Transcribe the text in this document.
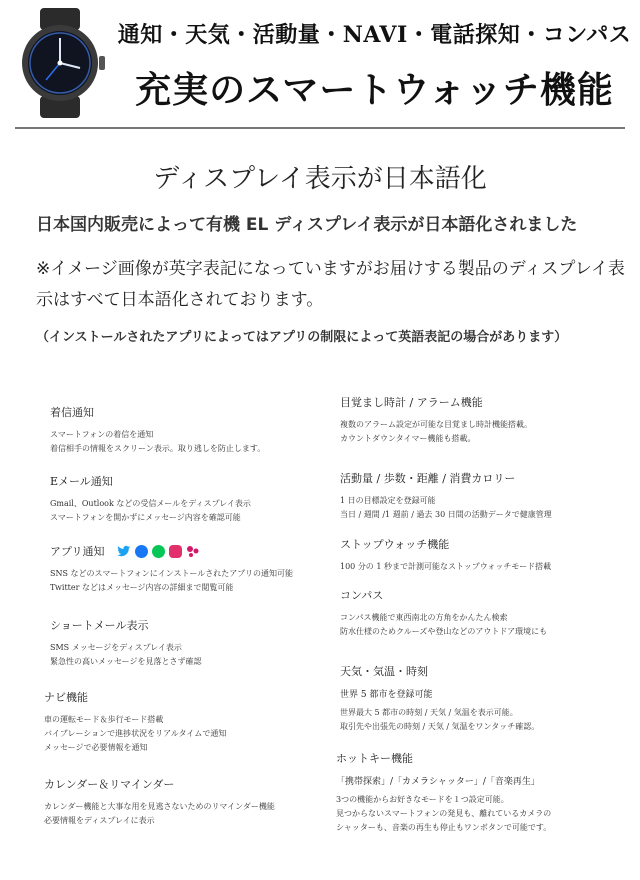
通知・天気・活動量・NAVI・電話探知・コンパス
充実のスマートウォッチ機能
ディスプレイ表示が日本語化
日本国内販売によって有機 EL ディスプレイ表示が日本語化されました
※イメージ画像が英字表記になっていますがお届けする製品のディスプレイ表示はすべて日本語化されております。
（インストールされたアプリによってはアプリの制限によって英語表記の場合があります）
着信通知
スマートフォンの着信を通知
着信相手の情報をスクリーン表示。取り逃しを防止します。
Eメール通知
Gmail、Outlook などの受信メールをディスプレイ表示
スマートフォンを開かずにメッセージ内容を確認可能
アプリ通知
SNS などのスマートフォンにインストールされたアプリの通知可能
Twitter などはメッセージ内容の詳細まで閲覧可能
ショートメール表示
SMS メッセージをディスプレイ表示
緊急性の高いメッセージを見落とさず確認
ナビ機能
車の運転モード＆歩行モード搭載
バイブレーションで進捗状況をリアルタイムで通知
メッセージで必要情報を通知
カレンダー＆リマインダー
カレンダー機能と大事な用を見逃さないためのリマインダー機能
必要情報をディスプレイに表示
目覚まし時計 / アラーム機能
複数のアラーム設定が可能な目覚まし時計機能搭載。
カウントダウンタイマー機能も搭載。
活動量 / 歩数・距離 / 消費カロリー
1 日の目標設定を登録可能
当日 / 週間 /1 週前 / 過去 30 日間の活動データで健康管理
ストップウォッチ機能
100 分の 1 秒まで計測可能なストップウォッチモード搭載
コンパス
コンパス機能で東西南北の方角をかんたん検索
防水仕様のためクルーズや登山などのアウトドア環境にも
天気・気温・時刻
世界 5 都市を登録可能
世界最大 5 都市の時刻 / 天気 / 気温を表示可能。
取引先や出張先の時刻 / 天気 / 気温をワンタッチ確認。
ホットキー機能
「携帯探索」/「カメラシャッター」/「音楽再生」
3つの機能からお好きなモードを１つ設定可能。
見つからないスマートフォンの発見も、離れているカメラの
シャッターも、音楽の再生も停止もワンボタンで可能です。
